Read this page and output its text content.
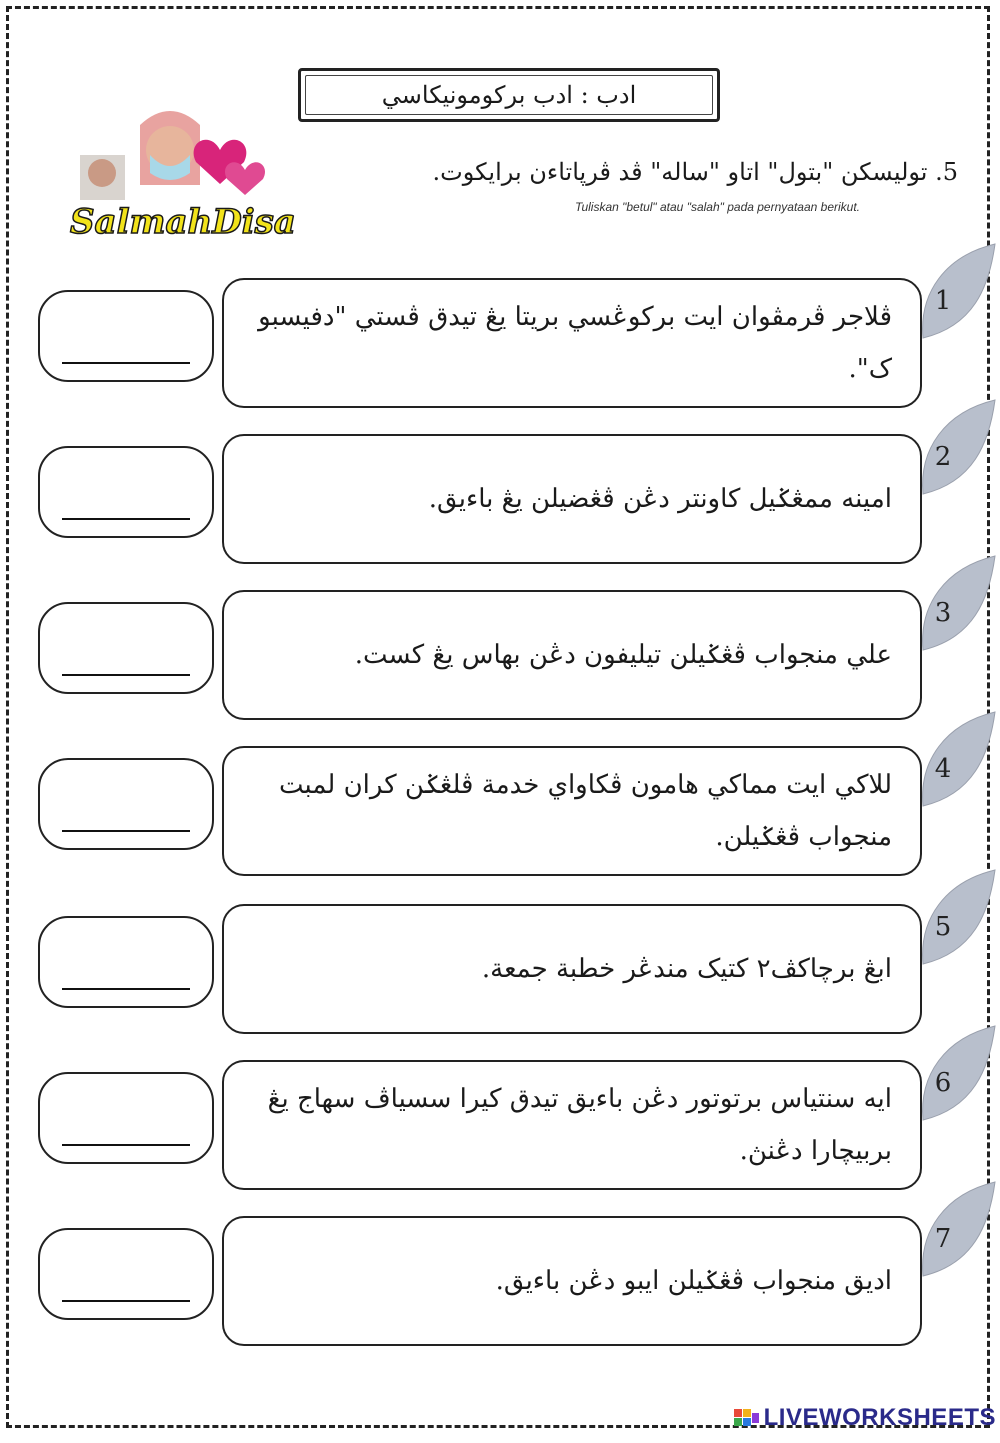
ادب : ادب برکومونيکاسي
SalmahDisa
5. توليسکن "بتول" اتاو "ساله" ڤد ڤرپاتاءن برايکوت.
Tuliskan "betul" atau "salah" pada pernyataan berikut.
1
ڤلاجر ڤرمڤوان ايت برکوڠسي بريتا يڠ تيدق ڤستي "دفيسبو ک".
2
امينه ممڠݢيل کاونتر دڠن ڤڠضيلن يڠ باءيق.
3
علي منجواب ڤڠݢيلن تيليفون دڠن بهاس يڠ کست.
4
للاکي ايت مماکي هامون ڤکاواي خدمة ڤلڠݢن کران لمبت منجواب ڤڠݢيلن.
5
ابڠ برچاکڤ٢ کتيک مندڠر خطبة جمعة.
6
ايه سنتياس برتوتور دڠن باءيق تيدق کيرا سسياڤ سهاج يڠ بربيچارا دڠنڽ.
7
اديق منجواب ڤڠݢيلن ايبو دڠن باءيق.
LIVEWORKSHEETS
